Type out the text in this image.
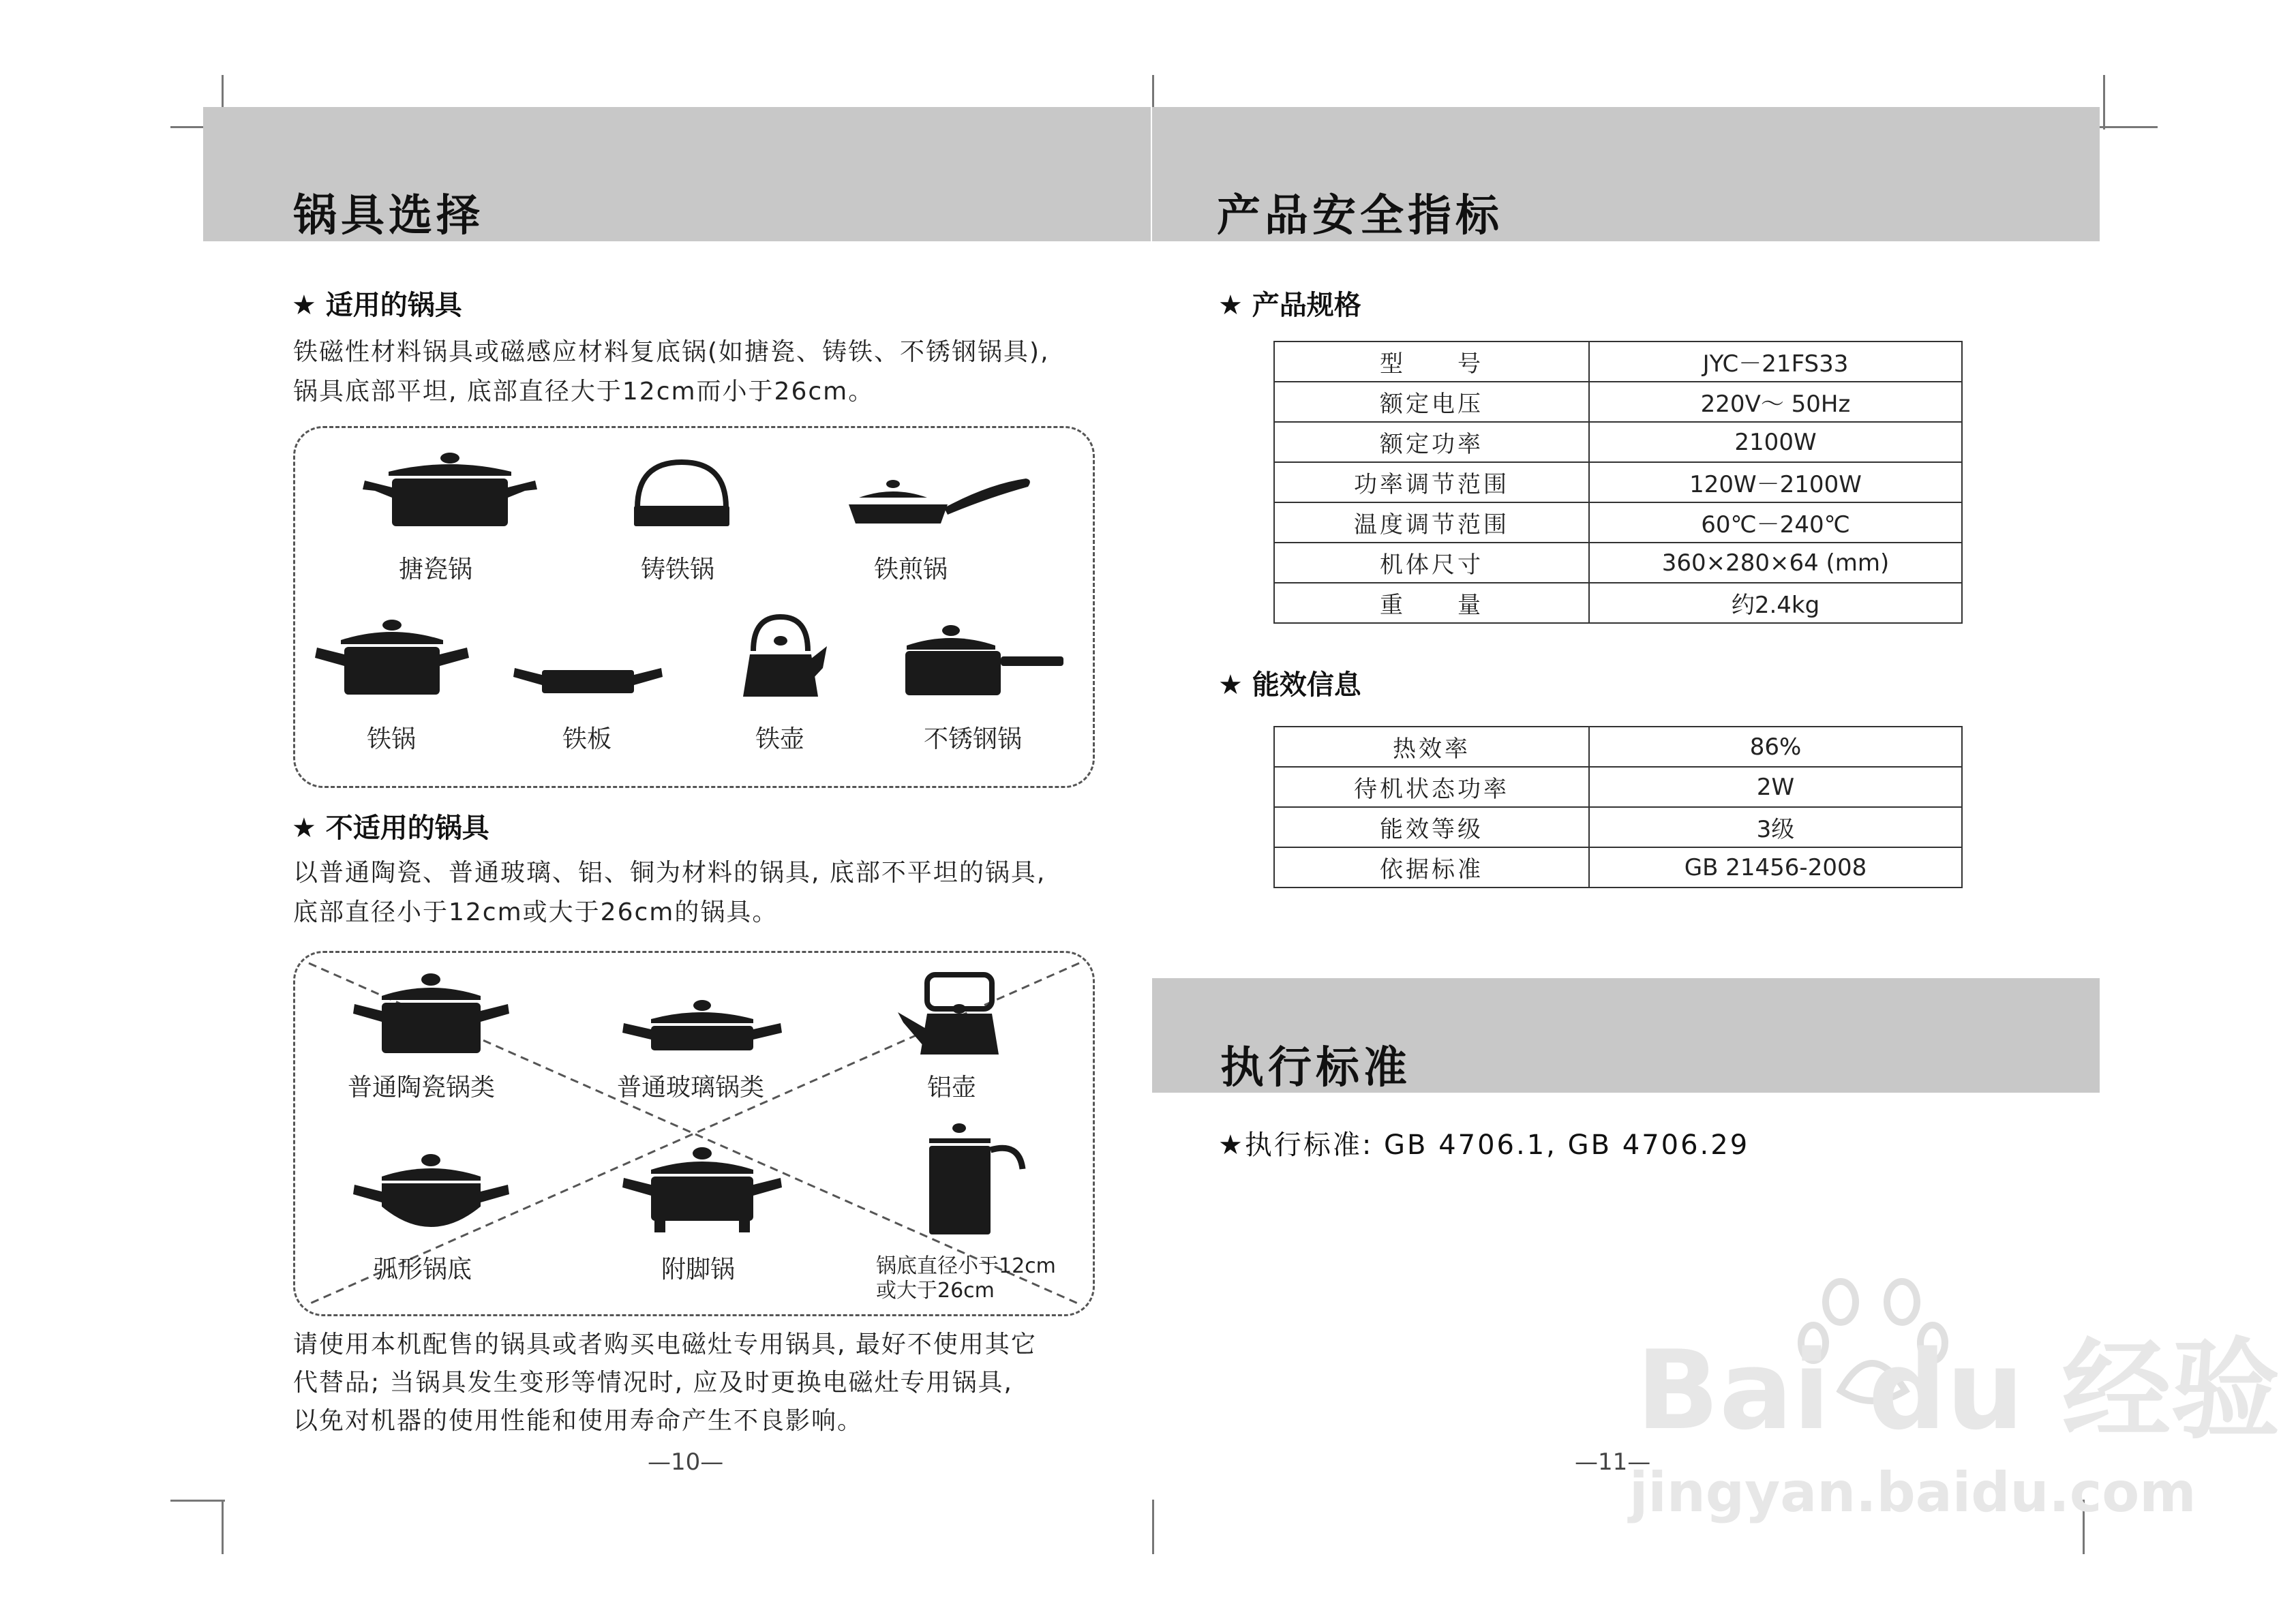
锅具选择
★ 适用的锅具
铁磁性材料锅具或磁感应材料复底锅(如搪瓷、铸铁、不锈钢锅具),
锅具底部平坦, 底部直径大于12cm而小于26cm。
搪瓷锅	铸铁锅	铁煎锅
铁锅	铁板	铁壶	不锈钢锅
★ 不适用的锅具
以普通陶瓷、普通玻璃、铝、铜为材料的锅具, 底部不平坦的锅具,
底部直径小于12cm或大于26cm的锅具。
普通陶瓷锅类	普通玻璃锅类	铝壶
弧形锅底	附脚锅	锅底直径小于12cm
或大于26cm
请使用本机配售的锅具或者购买电磁灶专用锅具, 最好不使用其它
代替品; 当锅具发生变形等情况时, 应及时更换电磁灶专用锅具,
以免对机器的使用性能和使用寿命产生不良影响。
—10—
产品安全指标
★ 产品规格
型　　号	JYC－21FS33
额定电压	220V～ 50Hz
额定功率	2100W
功率调节范围	120W－2100W
温度调节范围	60℃－240℃
机体尺寸	360×280×64 (mm)
重　　量	约2.4kg
★ 能效信息
热效率	86%
待机状态功率	2W
能效等级	3级
依据标准	GB 21456-2008
执行标准
★执行标准: GB 4706.1, GB 4706.29
—11—
Bai du 经验
jingyan.baidu.com
